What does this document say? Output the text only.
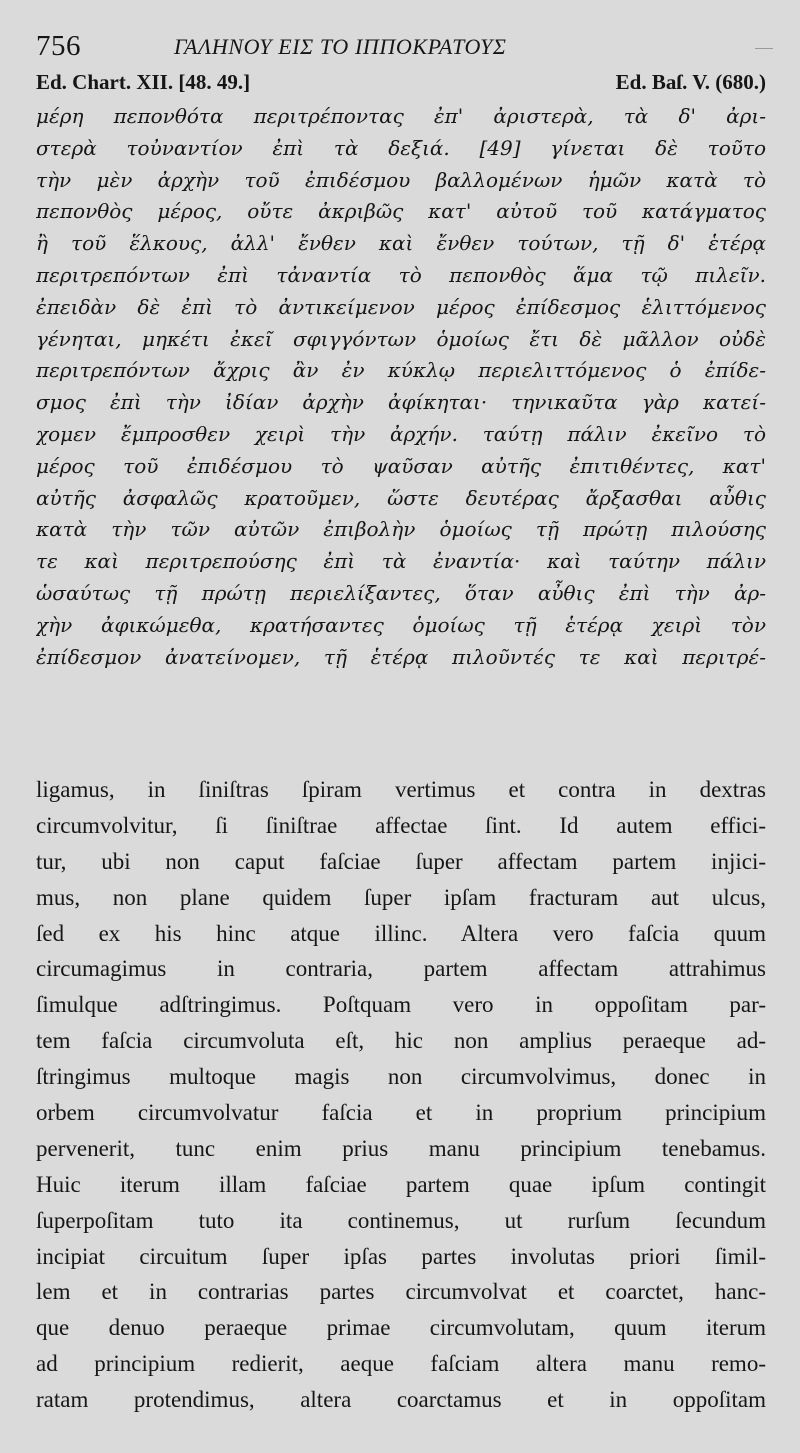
756	ΓΑΛΗΝΟΥ ΕΙΣ ΤΟ ΙΠΠΟΚΡΑΤΟΥΣ
Ed. Chart. XII. [48. 49.]	Ed. Baſ. V. (680.)
μέρη πεπονθότα περιτρέποντας ἐπ' ἀριστερὰ, τὰ δ' ἀρι-
στερὰ τοὐναντίον ἐπὶ τὰ δεξιά. [49] γίνεται δὲ τοῦτο
τὴν μὲν ἀρχὴν τοῦ ἐπιδέσμου βαλλομένων ἡμῶν κατὰ τὸ
πεπονθὸς μέρος, οὔτε ἀκριβῶς κατ' αὐτοῦ τοῦ κατάγματος
ἢ τοῦ ἕλκους, ἀλλ' ἔνθεν καὶ ἔνθεν τούτων, τῇ δ' ἑτέρᾳ
περιτρεπόντων ἐπὶ τἀναντία τὸ πεπονθὸς ἅμα τῷ πιλεῖν.
ἐπειδὰν δὲ ἐπὶ τὸ ἀντικείμενον μέρος ἐπίδεσμος ἑλιττόμενος
γένηται, μηκέτι ἐκεῖ σφιγγόντων ὁμοίως ἔτι δὲ μᾶλλον οὐδὲ
περιτρεπόντων ἄχρις ἂν ἐν κύκλῳ περιελιττόμενος ὁ ἐπίδε-
σμος ἐπὶ τὴν ἰδίαν ἀρχὴν ἀφίκηται· τηνικαῦτα γὰρ κατεί-
χομεν ἔμπροσθεν χειρὶ τὴν ἀρχήν. ταύτῃ πάλιν ἐκεῖνο τὸ
μέρος τοῦ ἐπιδέσμου τὸ ψαῦσαν αὐτῆς ἐπιτιθέντες, κατ'
αὐτῆς ἀσφαλῶς κρατοῦμεν, ὥστε δευτέρας ἄρξασθαι αὖθις
κατὰ τὴν τῶν αὐτῶν ἐπιβολὴν ὁμοίως τῇ πρώτῃ πιλούσης
τε καὶ περιτρεπούσης ἐπὶ τὰ ἐναντία· καὶ ταύτην πάλιν
ὡσαύτως τῇ πρώτῃ περιελίξαντες, ὅταν αὖθις ἐπὶ τὴν ἀρ-
χὴν ἀφικώμεθα, κρατήσαντες ὁμοίως τῇ ἑτέρᾳ χειρὶ τὸν
ἐπίδεσμον ἀνατείνομεν, τῇ ἑτέρᾳ πιλοῦντές τε καὶ περιτρέ-
ligamus, in ſiniſtras ſpiram vertimus et contra in dextras
circumvolvitur, ſi ſiniſtrae affectae ſint. Id autem effici-
tur, ubi non caput faſciae ſuper affectam partem injici-
mus, non plane quidem ſuper ipſam fracturam aut ulcus,
ſed ex his hinc atque illinc. Altera vero faſcia quum
circumagimus in contraria, partem affectam attrahimus
ſimulque adſtringimus. Poſtquam vero in oppoſitam par-
tem faſcia circumvoluta eſt, hic non amplius peraeque ad-
ſtringimus multoque magis non circumvolvimus, donec in
orbem circumvolvatur faſcia et in proprium principium
pervenerit, tunc enim prius manu principium tenebamus.
Huic iterum illam faſciae partem quae ipſum contingit
ſuperpoſitam tuto ita continemus, ut rurſum ſecundum
incipiat circuitum ſuper ipſas partes involutas priori ſimil-
lem et in contrarias partes circumvolvat et coarctet, hanc-
que denuo peraeque primae circumvolutam, quum iterum
ad principium redierit, aeque faſciam altera manu remo-
ratam protendimus, altera coarctamus et in oppoſitam
